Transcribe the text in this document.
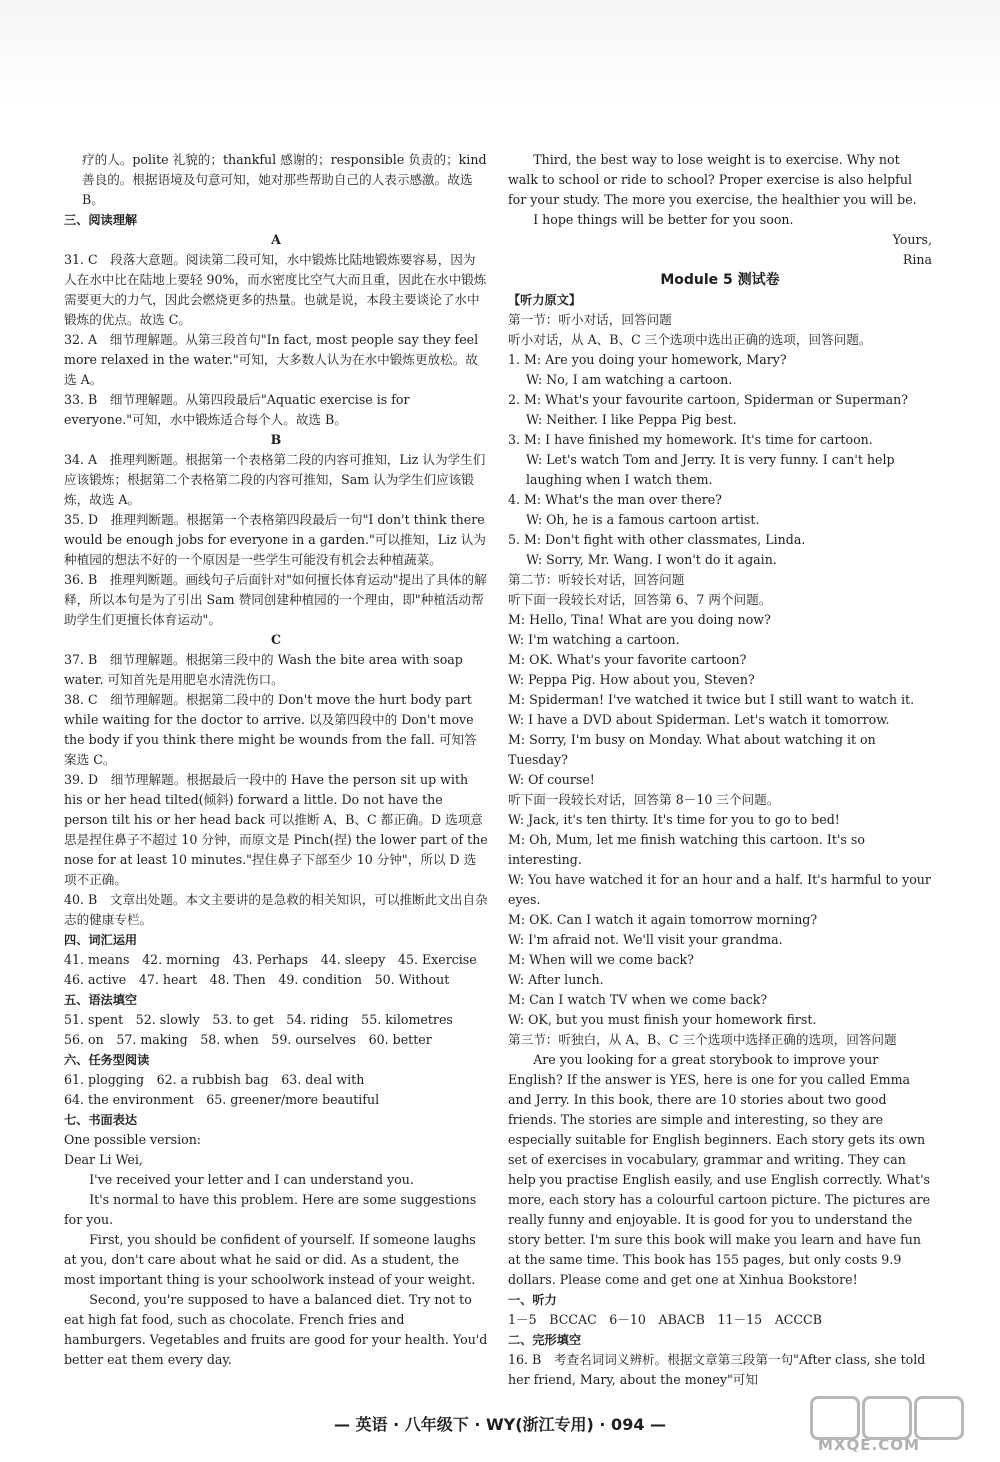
疗的人。polite 礼貌的；thankful 感谢的；responsible 负责的；kind 善良的。根据语境及句意可知，她对那些帮助自己的人表示感激。故选 B。

三、阅读理解

A

31. C　段落大意题。阅读第二段可知，水中锻炼比陆地锻炼要容易，因为人在水中比在陆地上要轻 90%，而水密度比空气大而且重，因此在水中锻炼需要更大的力气，因此会燃烧更多的热量。也就是说，本段主要谈论了水中锻炼的优点。故选 C。

32. A　细节理解题。从第三段首句"In fact, most people say they feel more relaxed in the water."可知，大多数人认为在水中锻炼更放松。故选 A。

33. B　细节理解题。从第四段最后"Aquatic exercise is for everyone."可知，水中锻炼适合每个人。故选 B。

B

34. A　推理判断题。根据第一个表格第二段的内容可推知，Liz 认为学生们应该锻炼；根据第二个表格第二段的内容可推知，Sam 认为学生们应该锻炼，故选 A。

35. D　推理判断题。根据第一个表格第四段最后一句"I don't think there would be enough jobs for everyone in a garden."可以推知，Liz 认为种植园的想法不好的一个原因是一些学生可能没有机会去种植蔬菜。

36. B　推理判断题。画线句子后面针对"如何擅长体育运动"提出了具体的解释，所以本句是为了引出 Sam 赞同创建种植园的一个理由，即"种植活动帮助学生们更擅长体育运动"。

C

37. B　细节理解题。根据第三段中的 Wash the bite area with soap water. 可知首先是用肥皂水清洗伤口。

38. C　细节理解题。根据第二段中的 Don't move the hurt body part while waiting for the doctor to arrive. 以及第四段中的 Don't move the body if you think there might be wounds from the fall. 可知答案选 C。

39. D　细节理解题。根据最后一段中的 Have the person sit up with his or her head tilted(倾斜) forward a little. Do not have the person tilt his or her head back 可以推断 A、B、C 都正确。D 选项意思是捏住鼻子不超过 10 分钟，而原文是 Pinch(捏) the lower part of the nose for at least 10 minutes."捏住鼻子下部至少 10 分钟"，所以 D 选项不正确。

40. B　文章出处题。本文主要讲的是急救的相关知识，可以推断此文出自杂志的健康专栏。

四、词汇运用

41. means　42. morning　43. Perhaps　44. sleepy　45. Exercise

46. active　47. heart　48. Then　49. condition　50. Without

五、语法填空

51. spent　52. slowly　53. to get　54. riding　55. kilometres

56. on　57. making　58. when　59. ourselves　60. better

六、任务型阅读

61. plogging　62. a rubbish bag　63. deal with

64. the environment　65. greener/more beautiful

七、书面表达

One possible version:

Dear Li Wei,

I've received your letter and I can understand you.

It's normal to have this problem. Here are some suggestions for you.

First, you should be confident of yourself. If someone laughs at you, don't care about what he said or did. As a student, the most important thing is your schoolwork instead of your weight.

Second, you're supposed to have a balanced diet. Try not to eat high fat food, such as chocolate. French fries and hamburgers. Vegetables and fruits are good for your health. You'd better eat them every day.

Third, the best way to lose weight is to exercise. Why not walk to school or ride to school? Proper exercise is also helpful for your study. The more you exercise, the healthier you will be.

I hope things will be better for you soon.

Yours,

Rina

Module 5 测试卷

【听力原文】

第一节：听小对话，回答问题

听小对话，从 A、B、C 三个选项中选出正确的选项，回答问题。

1. M: Are you doing your homework, Mary?

W: No, I am watching a cartoon.

2. M: What's your favourite cartoon, Spiderman or Superman?

W: Neither. I like Peppa Pig best.

3. M: I have finished my homework. It's time for cartoon.

W: Let's watch Tom and Jerry. It is very funny. I can't help laughing when I watch them.

4. M: What's the man over there?

W: Oh, he is a famous cartoon artist.

5. M: Don't fight with other classmates, Linda.

W: Sorry, Mr. Wang. I won't do it again.

第二节：听较长对话，回答问题

听下面一段较长对话，回答第 6、7 两个问题。

M: Hello, Tina! What are you doing now?

W: I'm watching a cartoon.

M: OK. What's your favorite cartoon?

W: Peppa Pig. How about you, Steven?

M: Spiderman! I've watched it twice but I still want to watch it.

W: I have a DVD about Spiderman. Let's watch it tomorrow.

M: Sorry, I'm busy on Monday. What about watching it on Tuesday?

W: Of course!

听下面一段较长对话，回答第 8－10 三个问题。

W: Jack, it's ten thirty. It's time for you to go to bed!

M: Oh, Mum, let me finish watching this cartoon. It's so interesting.

W: You have watched it for an hour and a half. It's harmful to your eyes.

M: OK. Can I watch it again tomorrow morning?

W: I'm afraid not. We'll visit your grandma.

M: When will we come back?

W: After lunch.

M: Can I watch TV when we come back?

W: OK, but you must finish your homework first.

第三节：听独白，从 A、B、C 三个选项中选择正确的选项，回答问题

Are you looking for a great storybook to improve your English? If the answer is YES, here is one for you called Emma and Jerry. In this book, there are 10 stories about two good friends. The stories are simple and interesting, so they are especially suitable for English beginners. Each story gets its own set of exercises in vocabulary, grammar and writing. They can help you practise English easily, and use English correctly. What's more, each story has a colourful cartoon picture. The pictures are really funny and enjoyable. It is good for you to understand the story better. I'm sure this book will make you learn and have fun at the same time. This book has 155 pages, but only costs 9.9 dollars. Please come and get one at Xinhua Bookstore!

一、听力

1－5　BCCAC　6－10　ABACB　11－15　ACCCB

二、完形填空

16. B　考查名词词义辨析。根据文章第三段第一句"After class, she told her friend, Mary, about the money"可知

— 英语 · 八年级下 · WY(浙江专用) · 094 —
MXQE.COM
